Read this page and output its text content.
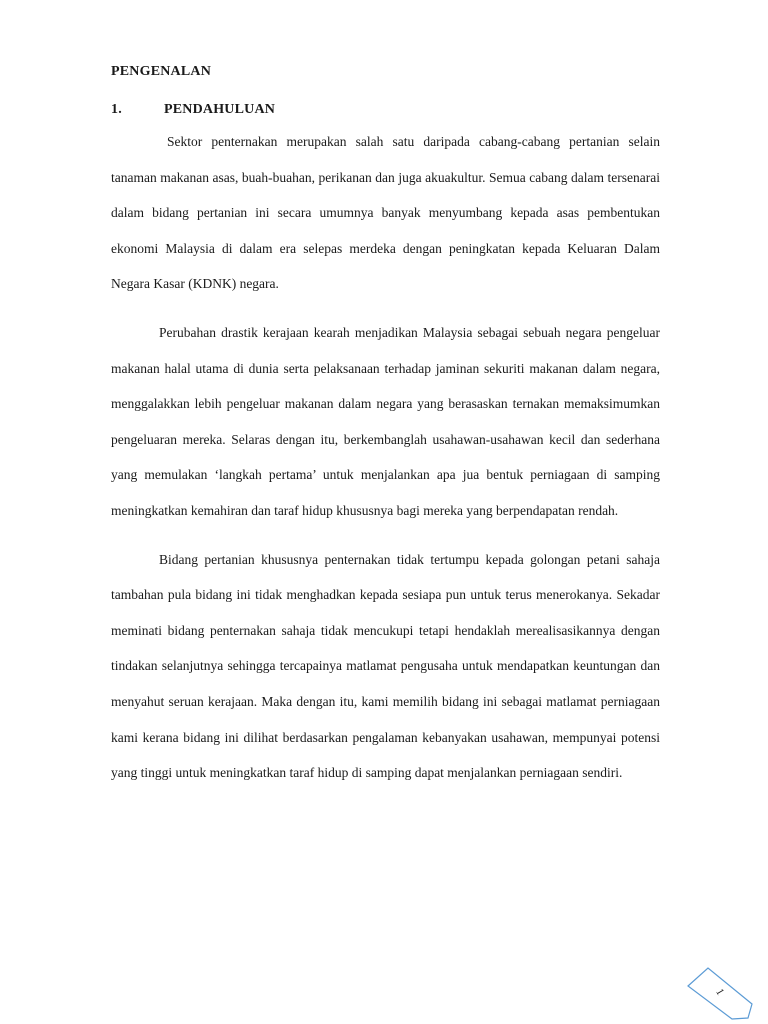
PENGENALAN
1.	PENDAHULUAN

Sektor penternakan merupakan salah satu daripada cabang-cabang pertanian selain tanaman makanan asas, buah-buahan, perikanan dan juga akuakultur. Semua cabang dalam tersenarai dalam bidang pertanian ini secara umumnya banyak menyumbang kepada asas pembentukan ekonomi Malaysia di dalam era selepas merdeka dengan peningkatan kepada Keluaran Dalam Negara Kasar (KDNK) negara.

Perubahan drastik kerajaan kearah menjadikan Malaysia sebagai sebuah negara pengeluar makanan halal utama di dunia serta pelaksanaan terhadap jaminan sekuriti makanan dalam negara, menggalakkan lebih pengeluar makanan dalam negara yang berasaskan ternakan memaksimumkan pengeluaran mereka. Selaras dengan itu, berkembanglah usahawan-usahawan kecil dan sederhana yang memulakan ‘langkah pertama’ untuk menjalankan apa jua bentuk perniagaan di samping meningkatkan kemahiran dan taraf hidup khususnya bagi mereka yang berpendapatan rendah.

Bidang pertanian khususnya penternakan tidak tertumpu kepada golongan petani sahaja tambahan pula bidang ini tidak menghadkan kepada sesiapa pun untuk terus menerokanya. Sekadar meminati bidang penternakan sahaja tidak mencukupi tetapi hendaklah merealisasikannya dengan tindakan selanjutnya sehingga tercapainya matlamat pengusaha untuk mendapatkan keuntungan dan menyahut seruan kerajaan. Maka dengan itu, kami memilih bidang ini sebagai matlamat perniagaan kami kerana bidang ini dilihat berdasarkan pengalaman kebanyakan usahawan, mempunyai potensi yang tinggi untuk meningkatkan taraf hidup di samping dapat menjalankan perniagaan sendiri.

1
